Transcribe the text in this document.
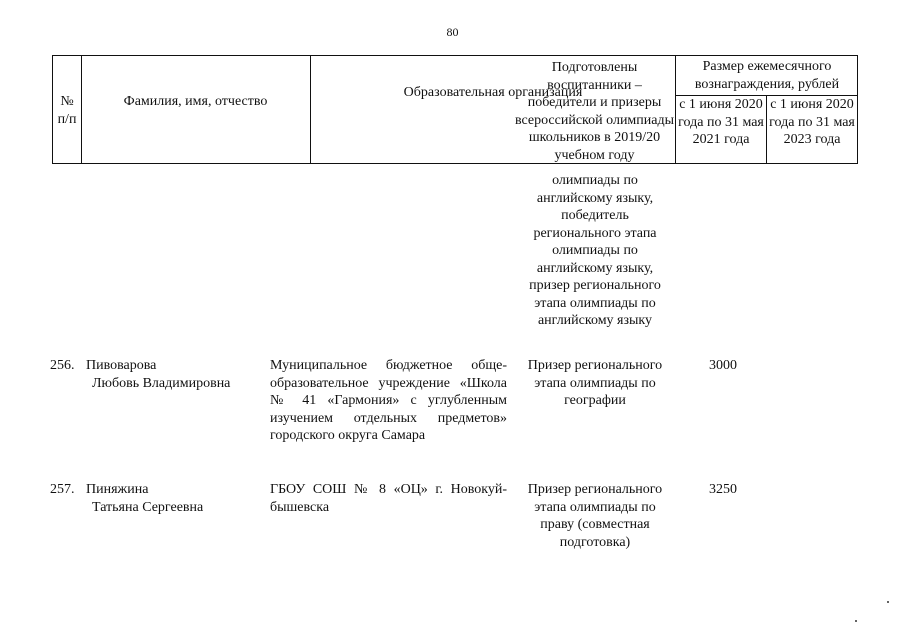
80
№ п/п
Фамилия, имя, отчество
Образовательная организация
Подготовлены воспитанники – победители и призеры всероссийской олимпиады школьников в 2019/20 учебном году
Размер ежемесячного вознаграждения, рублей
с 1 июня 2020 года по 31 мая 2021 года
с 1 июня 2020 года по 31 мая 2023 года
олимпиады по английскому языку, победитель регионального этапа олимпиады по английскому языку, призер регионального этапа олимпиады по английскому языку
256. Пивоварова
Любовь Владимировна
Муниципальное бюджетное обще-образовательное учреждение «Школа № 41 «Гармония» с углубленным изучением отдельных предметов» городского округа Самара
Призер регионального этапа олимпиады по географии
3000
257. Пиняжина
Татьяна Сергеевна
ГБОУ СОШ № 8 «ОЦ» г. Новокуй-бышевска
Призер регионального этапа олимпиады по праву (совместная подготовка)
3250
